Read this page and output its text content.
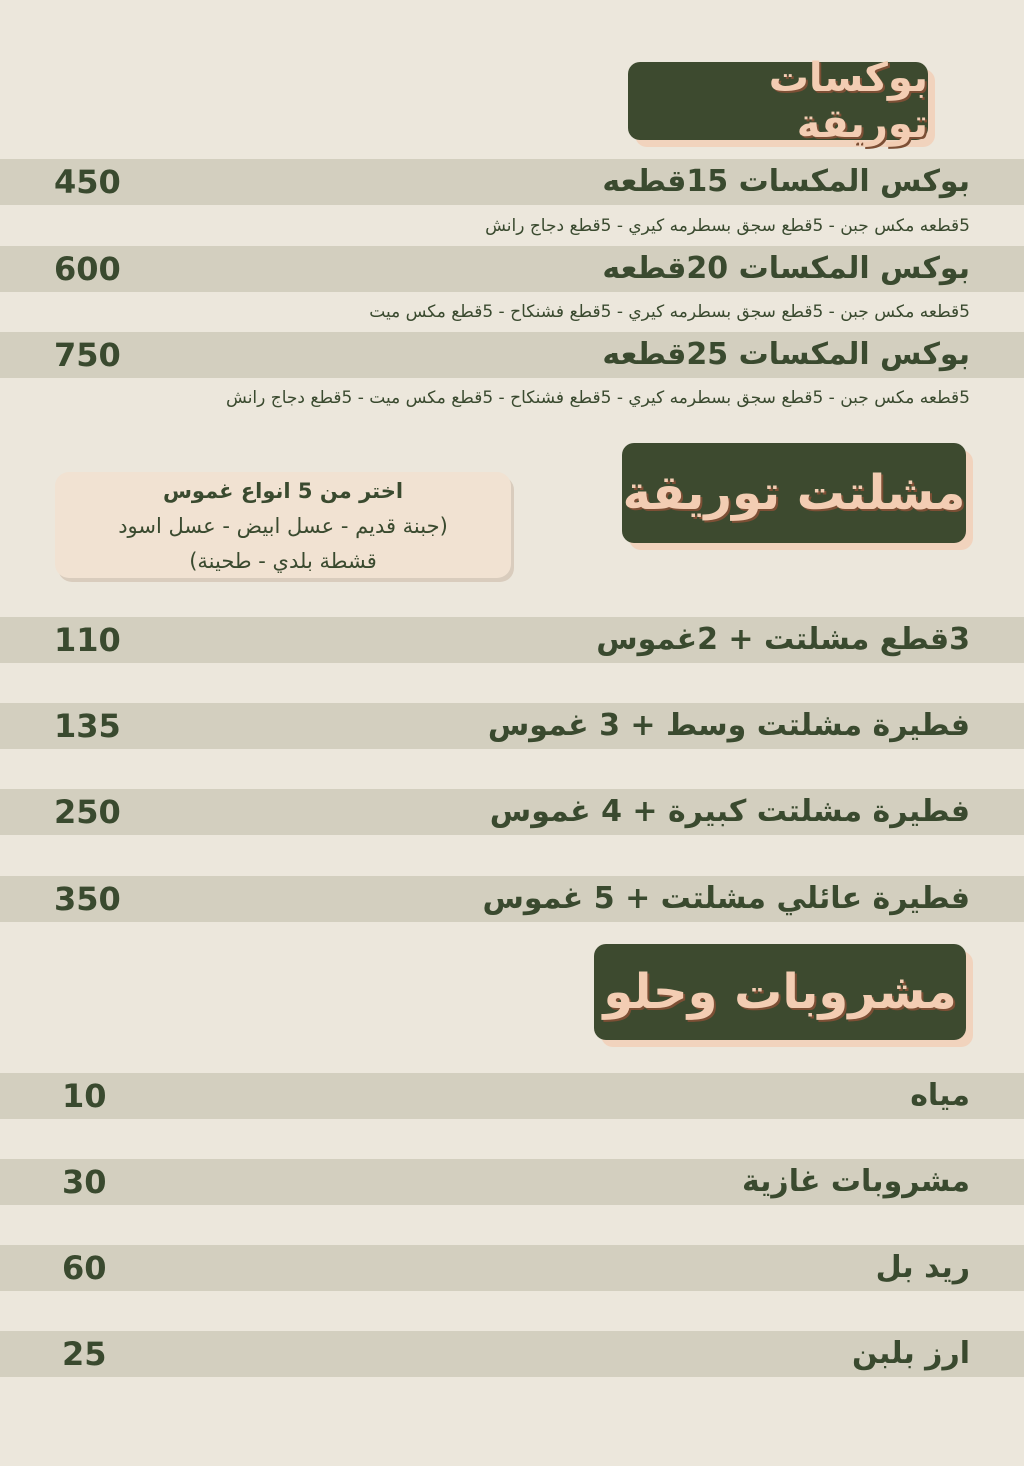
بوكسات توريقة
بوكس المكسات 15قطعه
450
5قطعه مكس جبن - 5قطع سجق بسطرمه كيري - 5قطع دجاج رانش
بوكس المكسات 20قطعه
600
5قطعه مكس جبن - 5قطع سجق بسطرمه كيري - 5قطع فشنكاح - 5قطع مكس ميت
بوكس المكسات 25قطعه
750
5قطعه مكس جبن - 5قطع سجق بسطرمه كيري - 5قطع فشنكاح - 5قطع مكس ميت - 5قطع دجاج رانش
مشلتت توريقة
اختر من 5 انواع غموس
(جبنة قديم - عسل ابيض - عسل اسود
قشطة بلدي - طحينة)
3قطع مشلتت + 2غموس
110
فطيرة مشلتت وسط + 3 غموس
135
فطيرة مشلتت كبيرة + 4 غموس
250
فطيرة عائلي مشلتت + 5 غموس
350
مشروبات وحلو
مياه
10
مشروبات غازية
30
ريد بل
60
ارز بلبن
25
